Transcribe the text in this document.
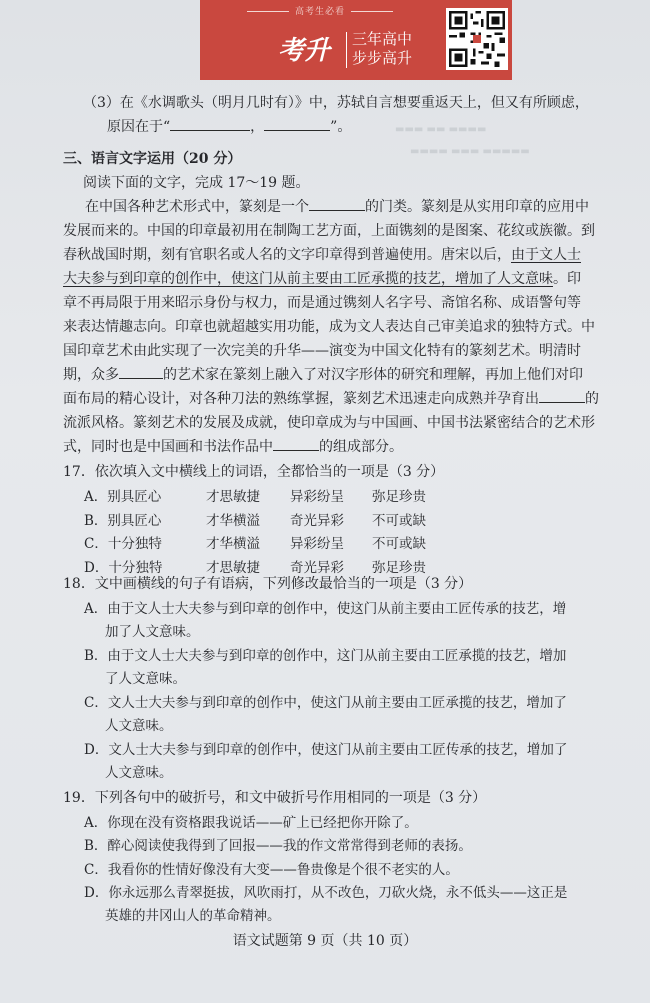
高考生必看
考升 三年高中
步步高升
▬▬▬ ▬▬ ▬▬▬▬
▬▬▬▬ ▬▬▬ ▬▬▬▬▬
（3）在《水调歌头（明月几时有）》中，苏轼自言想要重返天上，但又有所顾虑，
原因在于“	，	”。
三、语言文字运用（20 分）
阅读下面的文字，完成 17～19 题。
在中国各种艺术形式中，篆刻是一个	的门类。篆刻是从实用印章的应用中
发展而来的。中国的印章最初用在制陶工艺方面，上面镌刻的是图案、花纹或族徽。到
春秋战国时期，刻有官职名或人名的文字印章得到普遍使用。唐宋以后，由于文人士
大夫参与到印章的创作中，使这门从前主要由工匠承揽的技艺，增加了人文意味。印
章不再局限于用来昭示身份与权力，而是通过镌刻人名字号、斋馆名称、成语警句等
来表达情趣志向。印章也就超越实用功能，成为文人表达自己审美追求的独特方式。中
国印章艺术由此实现了一次完美的升华——演变为中国文化特有的篆刻艺术。明清时
期，众多	的艺术家在篆刻上融入了对汉字形体的研究和理解，再加上他们对印
面布局的精心设计，对各种刀法的熟练掌握，篆刻艺术迅速走向成熟并孕育出	的
流派风格。篆刻艺术的发展及成就，使印章成为与中国画、中国书法紧密结合的艺术形
式，同时也是中国画和书法作品中	的组成部分。
17．依次填入文中横线上的词语，全都恰当的一项是（3 分）
A．别具匠心	才思敏捷 异彩纷呈 弥足珍贵
B．别具匠心	才华横溢 奇光异彩 不可或缺
C．十分独特	才华横溢 异彩纷呈 不可或缺
D．十分独特	才思敏捷 奇光异彩 弥足珍贵
18．文中画横线的句子有语病，下列修改最恰当的一项是（3 分）
A．由于文人士大夫参与到印章的创作中，使这门从前主要由工匠传承的技艺，增
加了人文意味。
B．由于文人士大夫参与到印章的创作中，这门从前主要由工匠承揽的技艺，增加
了人文意味。
C．文人士大夫参与到印章的创作中，使这门从前主要由工匠承揽的技艺，增加了
人文意味。
D．文人士大夫参与到印章的创作中，使这门从前主要由工匠传承的技艺，增加了
人文意味。
19．下列各句中的破折号，和文中破折号作用相同的一项是（3 分）
A．你现在没有资格跟我说话——矿上已经把你开除了。
B．醉心阅读使我得到了回报——我的作文常常得到老师的表扬。
C．我看你的性情好像没有大变——鲁贵像是个很不老实的人。
D．你永远那么青翠挺拔，风吹雨打，从不改色，刀砍火烧，永不低头——这正是
英雄的井冈山人的革命精神。
语文试题第 9 页（共 10 页）
